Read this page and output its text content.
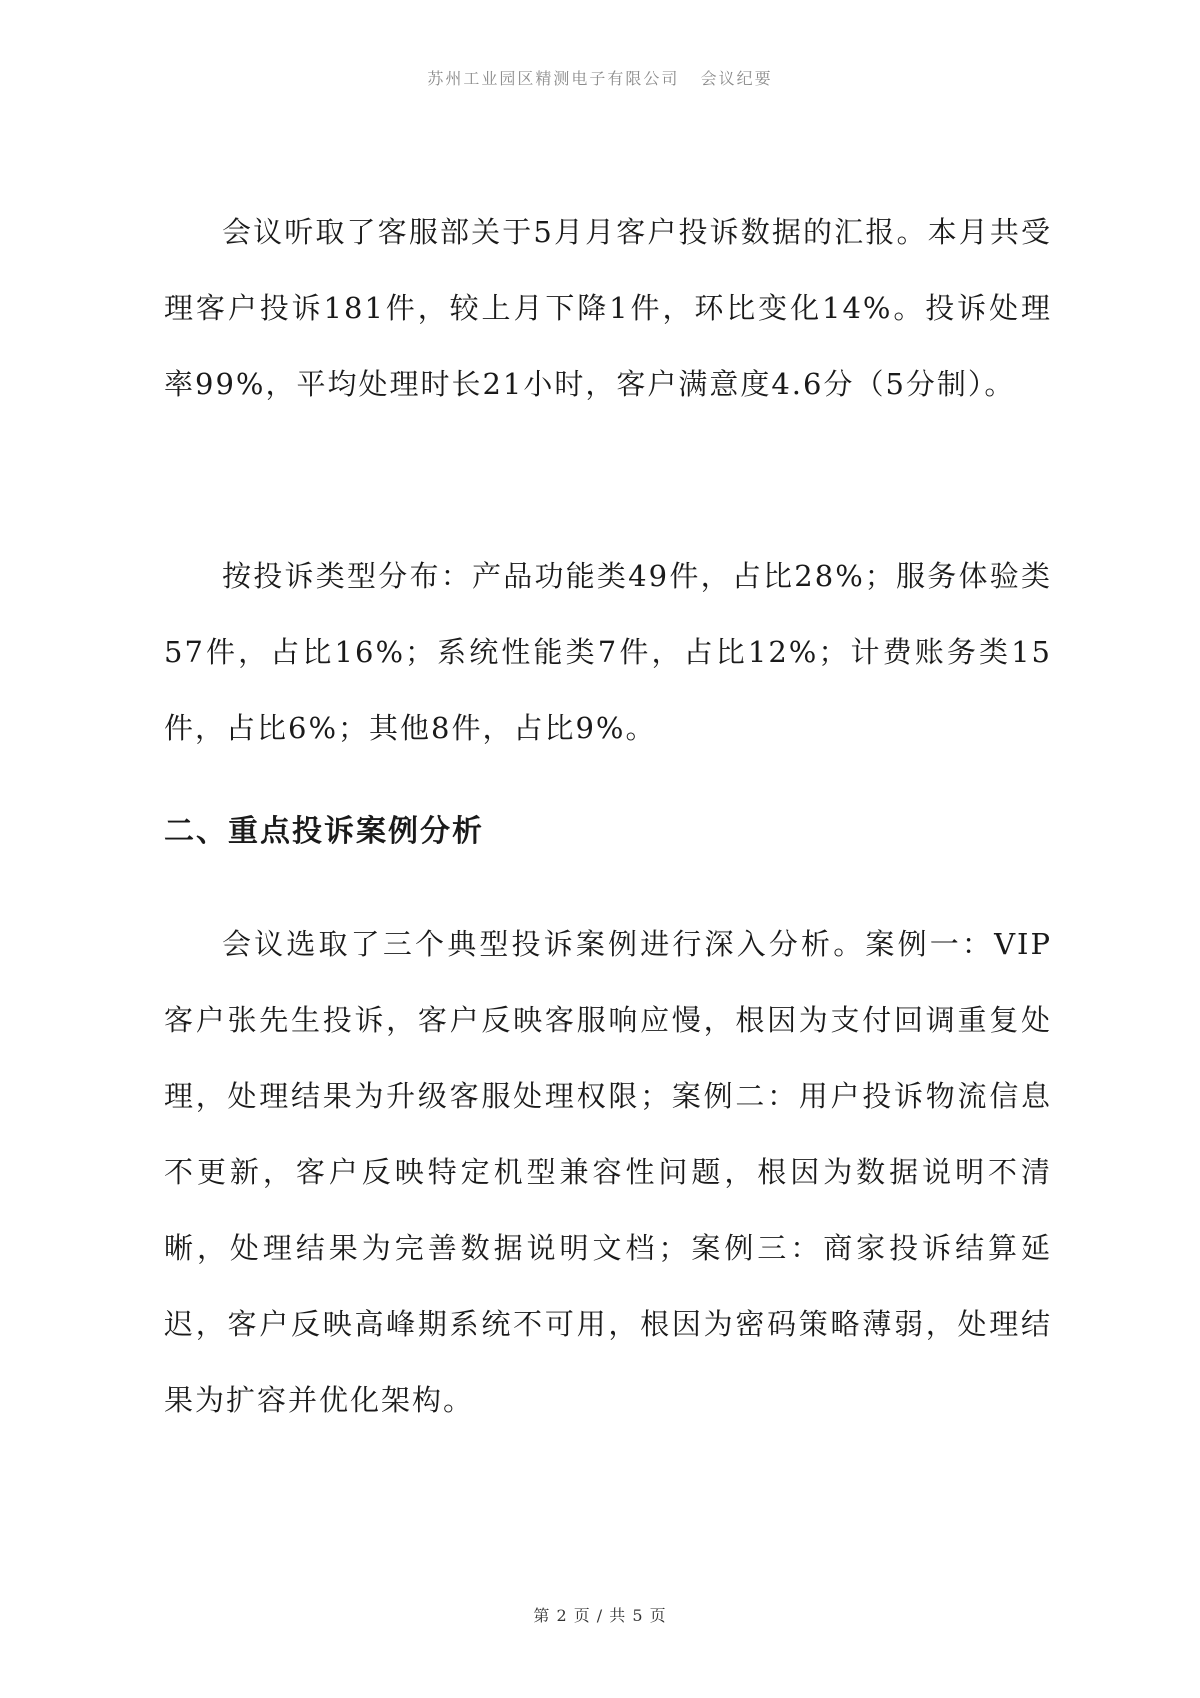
苏州工业园区精测电子有限公司   会议纪要

会议听取了客服部关于5月月客户投诉数据的汇报。本月共受理客户投诉181件，较上月下降1件，环比变化14%。投诉处理率99%，平均处理时长21小时，客户满意度4.6分（5分制）。

按投诉类型分布：产品功能类49件，占比28%；服务体验类57件，占比16%；系统性能类7件，占比12%；计费账务类15件，占比6%；其他8件，占比9%。

二、重点投诉案例分析

会议选取了三个典型投诉案例进行深入分析。案例一：VIP客户张先生投诉，客户反映客服响应慢，根因为支付回调重复处理，处理结果为升级客服处理权限；案例二：用户投诉物流信息不更新，客户反映特定机型兼容性问题，根因为数据说明不清晰，处理结果为完善数据说明文档；案例三：商家投诉结算延迟，客户反映高峰期系统不可用，根因为密码策略薄弱，处理结果为扩容并优化架构。

第 2 页 / 共 5 页
